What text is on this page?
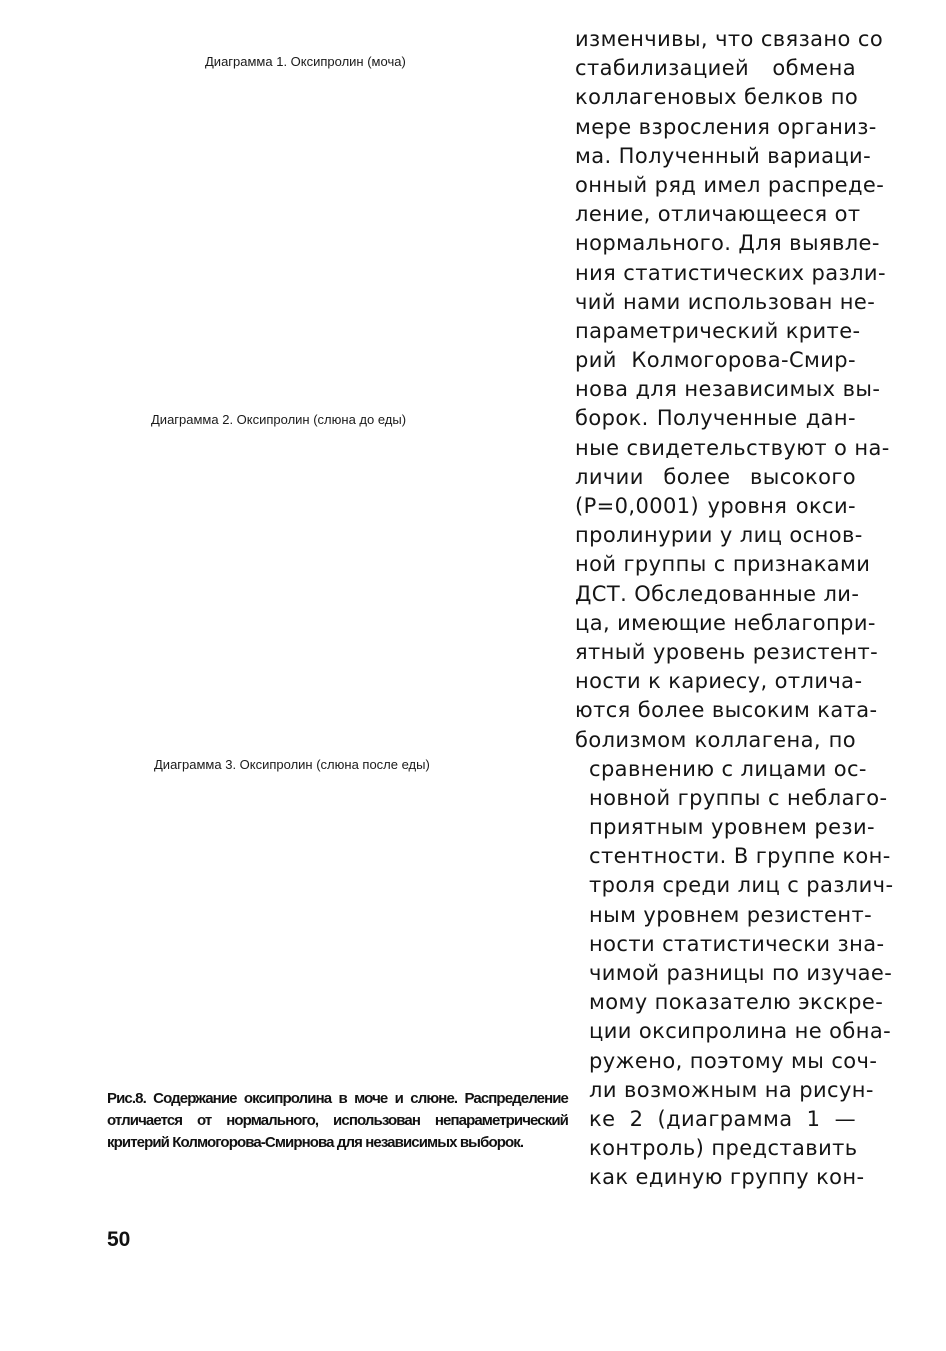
Диаграмма 1. Оксипролин (моча)
Диаграмма 2. Оксипролин (слюна до еды)
Диаграмма 3. Оксипролин (слюна после еды)
изменчивы, что связано со
стабилизацией обмена
коллагеновых белков по
мере взросления организ-
ма. Полученный вариаци-
онный ряд имел распреде-
ление, отличающееся от
нормального. Для выявле-
ния статистических разли-
чий нами использован не-
параметрический крите-
рий Колмогорова-Смир-
нова для независимых вы-
борок. Полученные дан-
ные свидетельствуют о на-
личии более высокого
(P=0,0001) уровня окси-
пролинурии у лиц основ-
ной группы с признаками
ДСТ. Обследованные ли-
ца, имеющие неблагопри-
ятный уровень резистент-
ности к кариесу, отлича-
ются более высоким ката-
болизмом коллагена, по
сравнению с лицами ос-
новной группы с неблаго-
приятным уровнем рези-
стентности. В группе кон-
троля среди лиц с различ-
ным уровнем резистент-
ности статистически зна-
чимой разницы по изучае-
мому показателю экскре-
ции оксипролина не обна-
ружено, поэтому мы соч-
ли возможным на рисун-
ке 2 (диаграмма 1 —
контроль) представить
как единую группу кон-
Рис.8. Содержание оксипролина в моче и слюне. Распределение
отличается от нормального, использован непараметрический
критерий Колмогорова-Смирнова для независимых выборок.
50
